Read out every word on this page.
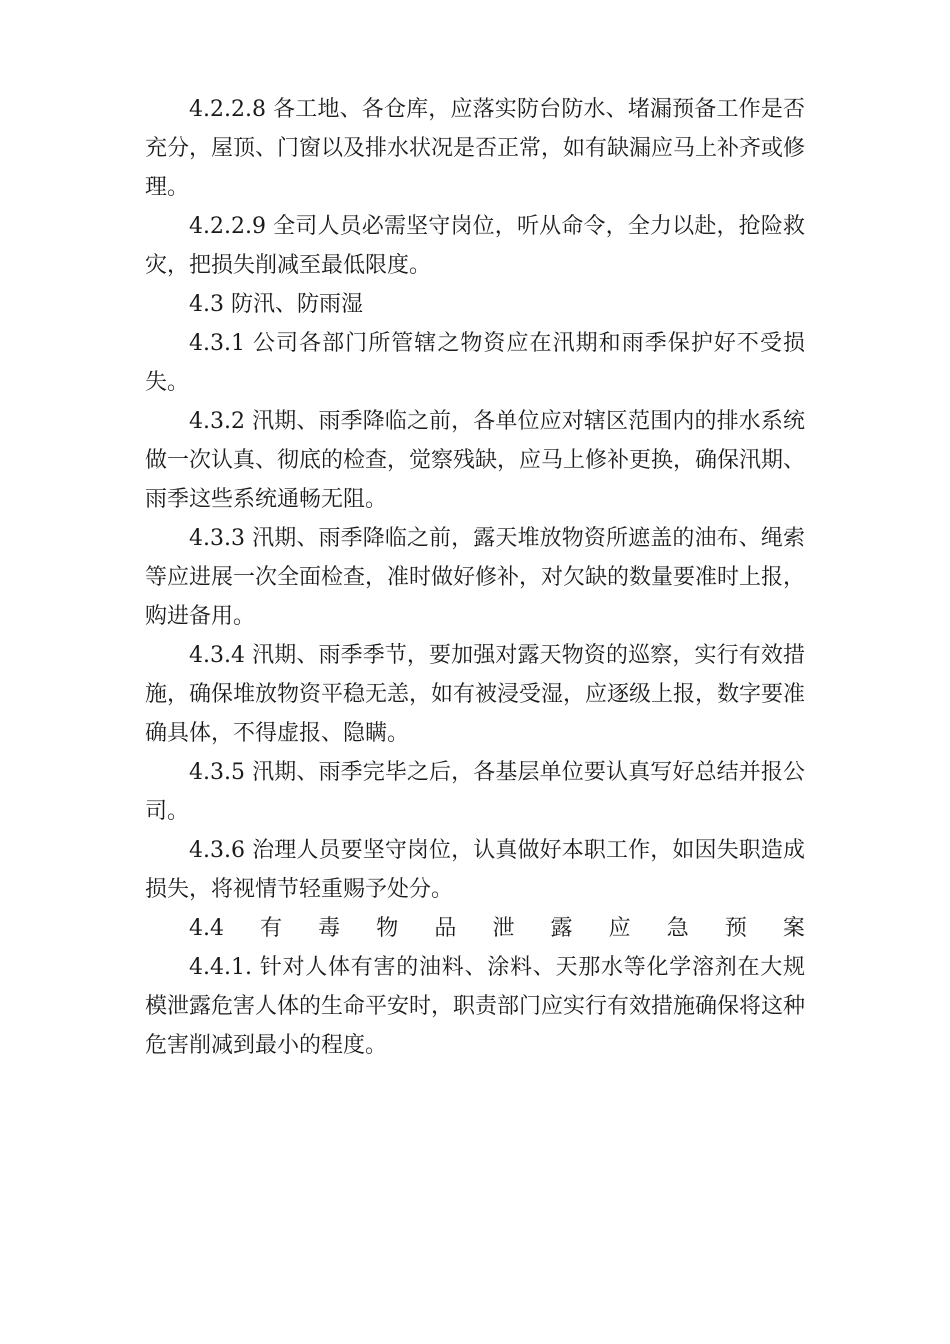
4.2.2.8 各工地、各仓库，应落实防台防水、堵漏预备工作是否充分，屋顶、门窗以及排水状况是否正常，如有缺漏应马上补齐或修理。

4.2.2.9 全司人员必需坚守岗位，听从命令，全力以赴，抢险救灾，把损失削减至最低限度。

4.3 防汛、防雨湿

4.3.1 公司各部门所管辖之物资应在汛期和雨季保护好不受损失。

4.3.2 汛期、雨季降临之前，各单位应对辖区范围内的排水系统做一次认真、彻底的检查，觉察残缺，应马上修补更换，确保汛期、雨季这些系统通畅无阻。

4.3.3 汛期、雨季降临之前，露天堆放物资所遮盖的油布、绳索等应进展一次全面检查，准时做好修补，对欠缺的数量要准时上报，购进备用。

4.3.4 汛期、雨季季节，要加强对露天物资的巡察，实行有效措施，确保堆放物资平稳无恙，如有被浸受湿，应逐级上报，数字要准确具体，不得虚报、隐瞒。

4.3.5 汛期、雨季完毕之后，各基层单位要认真写好总结并报公司。

4.3.6 治理人员要坚守岗位，认真做好本职工作，如因失职造成损失，将视情节轻重赐予处分。

4.4 有 毒 物 品 泄 露 应 急 预 案

4.4.1. 针对人体有害的油料、涂料、天那水等化学溶剂在大规模泄露危害人体的生命平安时，职责部门应实行有效措施确保将这种危害削减到最小的程度。
